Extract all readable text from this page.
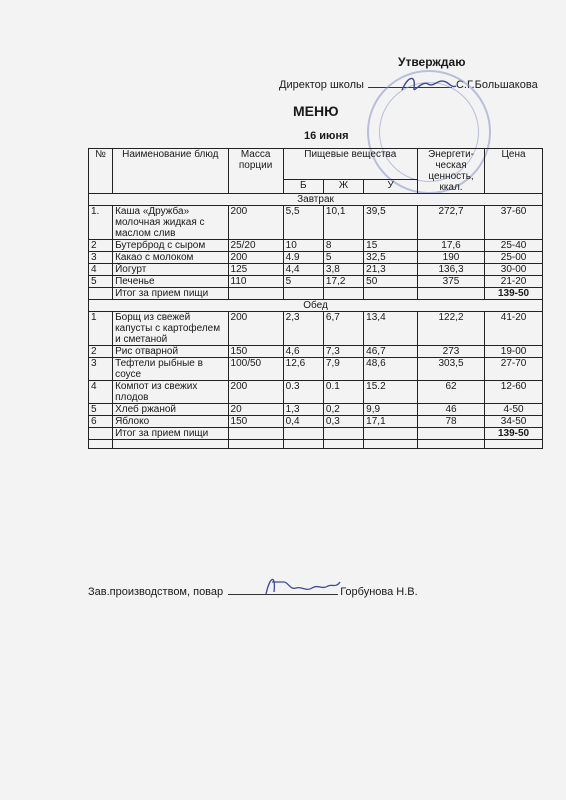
Утверждаю
Директор школы	С.Г.Большакова
МЕНЮ
16 июня
№	Наименование блюд	Масса порции	Пищевые вещества			Энергети-ческая ценность, ккал.	Цена
			Б	Ж	У		
Завтрак							
1.	Каша «Дружба» молочная жидкая с маслом слив	200	5,5	10,1	39,5	272,7	37-60
2	Бутерброд с сыром	25/20	10	8	15	17,6	25-40
3	Какао с молоком	200	4.9	5	32,5	190	25-00
4	Йогурт	125	4,4	3,8	21,3	136,3	30-00
5	Печенье	110	5	17,2	50	375	21-20
	Итог за прием пищи						139-50
Обед							
1	Борщ из свежей капусты с картофелем и сметаной	200	2,3	6,7	13,4	122,2	41-20
2	Рис отварной	150	4,6	7,3	46,7	273	19-00
3	Тефтели рыбные в соусе	100/50	12,6	7,9	48,6	303,5	27-70
4	Компот из свежих плодов	200	0.3	0.1	15.2	62	12-60
5	Хлеб ржаной	20	1,3	0,2	9,9	46	4-50
6	Яблоко	150	0,4	0,3	17,1	78	34-50
	Итог за прием пищи						139-50

Зав.производством, повар	Горбунова Н.В.
